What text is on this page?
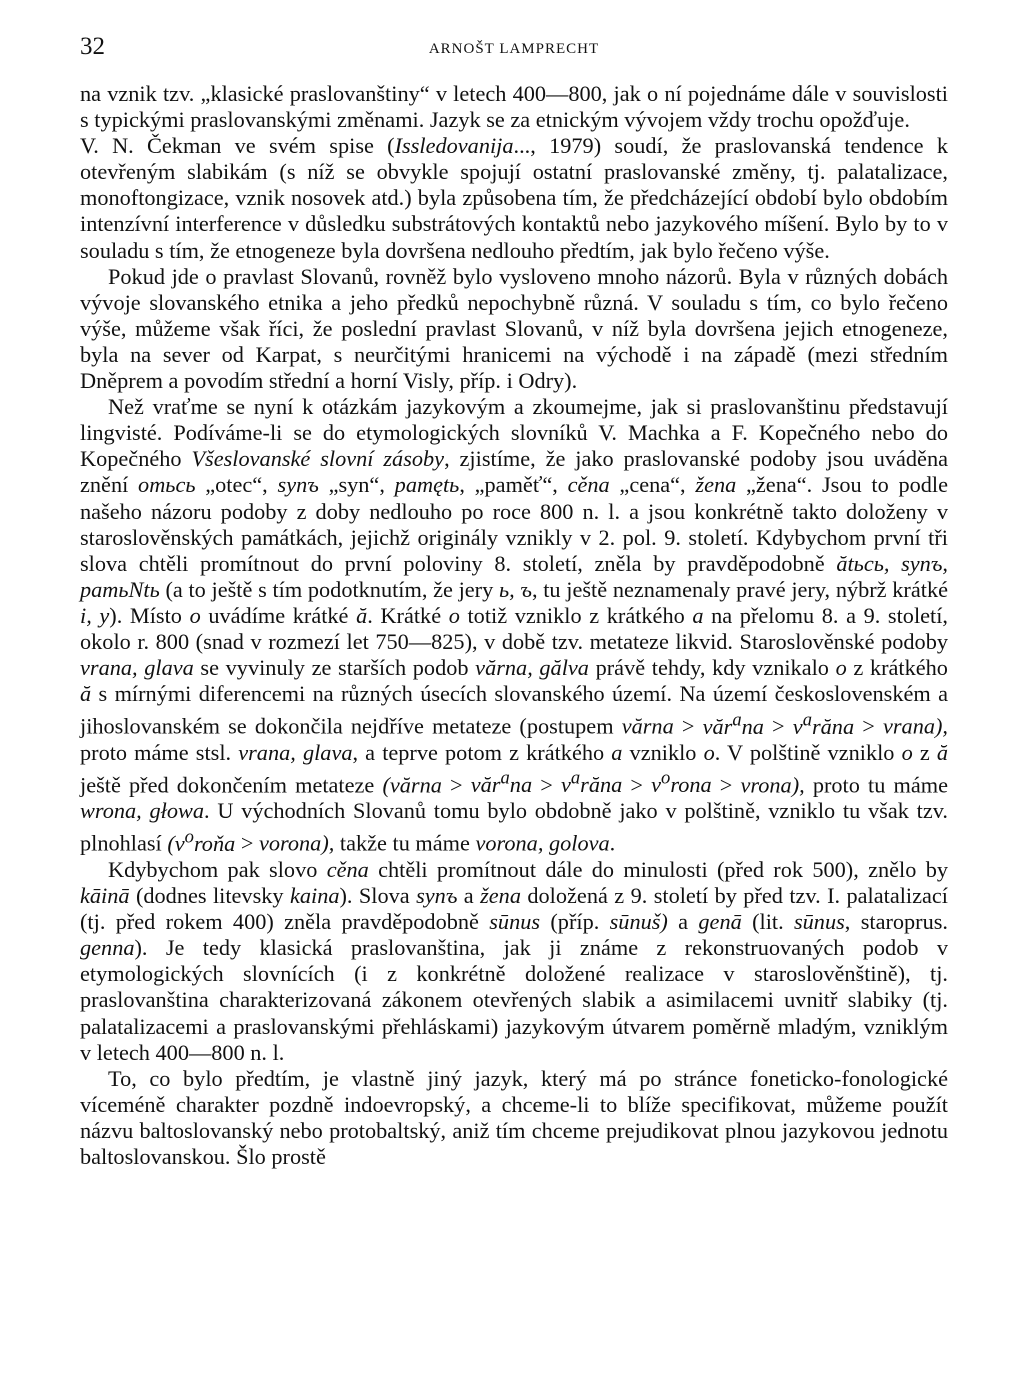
32	ARNOŠT LAMPRECHT

na vznik tzv. „klasické praslovanštiny“ v letech 400—800, jak o ní pojednáme dále v souvislosti s typickými praslovanskými změnami. Jazyk se za etnickým vývojem vždy trochu opožďuje.

V. N. Čekman ve svém spise (Issledovanija..., 1979) soudí, že praslovanská tendence k otevřeným slabikám (s níž se obvykle spojují ostatní praslovanské změny, tj. palatalizace, monoftongizace, vznik nosovek atd.) byla způsobena tím, že předcházející období bylo obdobím intenzívní interference v důsledku substrátových kontaktů nebo jazykového míšení. Bylo by to v souladu s tím, že etnogeneze byla dovršena nedlouho předtím, jak bylo řečeno výše.

Pokud jde o pravlast Slovanů, rovněž bylo vysloveno mnoho názorů. Byla v různých dobách vývoje slovanského etnika a jeho předků nepochybně různá. V souladu s tím, co bylo řečeno výše, můžeme však říci, že poslední pravlast Slovanů, v níž byla dovršena jejich etnogeneze, byla na sever od Karpat, s neurčitými hranicemi na východě i na západě (mezi středním Dněprem a povodím střední a horní Visly, příp. i Odry).

Než vraťme se nyní k otázkám jazykovým a zkoumejme, jak si praslovanštinu představují lingvisté. Podíváme-li se do etymologických slovníků V. Machka a F. Kopečného nebo do Kopečného Všeslovanské slovní zásoby, zjistíme, že jako praslovanské podoby jsou uváděna znění отьсь „otec“, synъ „syn“, pamętь, „paměť“, cěna „cena“, žena „žena“. Jsou to podle našeho názoru podoby z doby nedlouho po roce 800 n. l. a jsou konkrétně takto doloženy v staroslověnských památkách, jejichž originály vznikly v 2. pol. 9. století. Kdybychom první tři slova chtěli promítnout do první poloviny 8. století, zněla by pravděpodobně ătьсь, synъ, pamьNtь (a to ještě s tím podotknutím, že jery ь, ъ, tu ještě neznamenaly pravé jery, nýbrž krátké i, y). Místo o uvádíme krátké ă. Krátké o totiž vzniklo z krátkého a na přelomu 8. a 9. století, okolo r. 800 (snad v rozmezí let 750—825), v době tzv. metateze likvid. Staroslověnské podoby vrana, glava se vyvinuly ze starších podob vărna, gălva právě tehdy, kdy vznikalo o z krátkého ă s mírnými diferencemi na různých úsecích slovanského území. Na území československém a jihoslovanském se dokončila nejdříve metateze (postupem vărna > văr$^a$na > $v^arăna$ > vrana), proto máme stsl. vrana, glava, a teprve potom z krátkého a vzniklo o. V polštině vzniklo o z ă ještě před dokončením metateze (vărna > văr$^a$na > $v^arăna$ > $v^orona$ > vrona), proto tu máme wrona, głowa. U východních Slovanů tomu bylo obdobně jako v polštině, vzniklo tu však tzv. plnohlasí ($v^oroňa$ > vorona), takže tu máme vorona, golova.

Kdybychom pak slovo cěna chtěli promítnout dále do minulosti (před rok 500), znělo by kāinā (dodnes litevsky kaina). Slova synъ a žena doložená z 9. století by před tzv. I. palatalizací (tj. před rokem 400) zněla pravděpodobně sūnus (příp. sūnuš) a genā (lit. sūnus, staroprus. genna). Je tedy klasická praslovanština, jak ji známe z rekonstruovaných podob v etymologických slovnících (i z konkrétně doložené realizace v staroslověnštině), tj. praslovanština charakterizovaná zákonem otevřených slabik a asimilacemi uvnitř slabiky (tj. palatalizacemi a praslovanskými přehláskami) jazykovým útvarem poměrně mladým, vzniklým v letech 400—800 n. l.

To, co bylo předtím, je vlastně jiný jazyk, který má po stránce foneticko-fonologické víceméně charakter pozdně indoevropský, a chceme-li to blíže specifikovat, můžeme použít názvu baltoslovanský nebo protobaltský, aniž tím chceme prejudikovat plnou jazykovou jednotu baltoslovanskou. Šlo prostě
